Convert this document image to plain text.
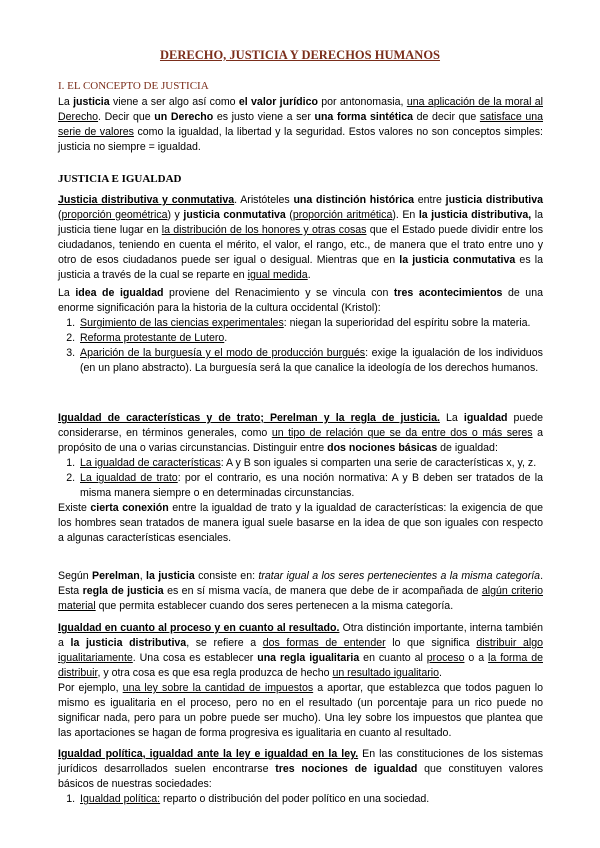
DERECHO, JUSTICIA Y DERECHOS HUMANOS
I. EL CONCEPTO DE JUSTICIA

La justicia viene a ser algo así como el valor jurídico por antonomasia, una aplicación de la moral al Derecho. Decir que un Derecho es justo viene a ser una forma sintética de decir que satisface una serie de valores como la igualdad, la libertad y la seguridad. Estos valores no son conceptos simples: justicia no siempre = igualdad.

JUSTICIA E IGUALDAD

Justicia distributiva y conmutativa. Aristóteles una distinción histórica entre justicia distributiva (proporción geométrica) y justicia conmutativa (proporción aritmética). En la justicia distributiva, la justicia tiene lugar en la distribución de los honores y otras cosas que el Estado puede dividir entre los ciudadanos, teniendo en cuenta el mérito, el valor, el rango, etc., de manera que el trato entre uno y otro de esos ciudadanos puede ser igual o desigual. Mientras que en la justicia conmutativa es la justicia a través de la cual se reparte en igual medida.

La idea de igualdad proviene del Renacimiento y se vincula con tres acontecimientos de una enorme significación para la historia de la cultura occidental (Kristol):

1. Surgimiento de las ciencias experimentales: niegan la superioridad del espíritu sobre la materia.
2. Reforma protestante de Lutero.
3. Aparición de la burguesía y el modo de producción burgués: exige la igualación de los individuos (en un plano abstracto). La burguesía será la que canalice la ideología de los derechos humanos.

Igualdad de características y de trato; Perelman y la regla de justicia. La igualdad puede considerarse, en términos generales, como un tipo de relación que se da entre dos o más seres a propósito de una o varias circunstancias. Distinguir entre dos nociones básicas de igualdad:

1. La igualdad de características: A y B son iguales si comparten una serie de características x, y, z.
2. La igualdad de trato: por el contrario, es una noción normativa: A y B deben ser tratados de la misma manera siempre o en determinadas circunstancias.

Existe cierta conexión entre la igualdad de trato y la igualdad de características: la exigencia de que los hombres sean tratados de manera igual suele basarse en la idea de que son iguales con respecto a algunas características esenciales.

Según Perelman, la justicia consiste en: tratar igual a los seres pertenecientes a la misma categoría. Esta regla de justicia es en sí misma vacía, de manera que debe de ir acompañada de algún criterio material que permita establecer cuando dos seres pertenecen a la misma categoría.

Igualdad en cuanto al proceso y en cuanto al resultado. Otra distinción importante, interna también a la justicia distributiva, se refiere a dos formas de entender lo que significa distribuir algo igualitariamente. Una cosa es establecer una regla igualitaria en cuanto al proceso o a la forma de distribuir, y otra cosa es que esa regla produzca de hecho un resultado igualitario.

Por ejemplo, una ley sobre la cantidad de impuestos a aportar, que establezca que todos paguen lo mismo es igualitaria en el proceso, pero no en el resultado (un porcentaje para un rico puede no significar nada, pero para un pobre puede ser mucho). Una ley sobre los impuestos que plantea que las aportaciones se hagan de forma progresiva es igualitaria en cuanto al resultado.

Igualdad política, igualdad ante la ley e igualdad en la ley. En las constituciones de los sistemas jurídicos desarrollados suelen encontrarse tres nociones de igualdad que constituyen valores básicos de nuestras sociedades:

1. Igualdad política: reparto o distribución del poder político en una sociedad.
